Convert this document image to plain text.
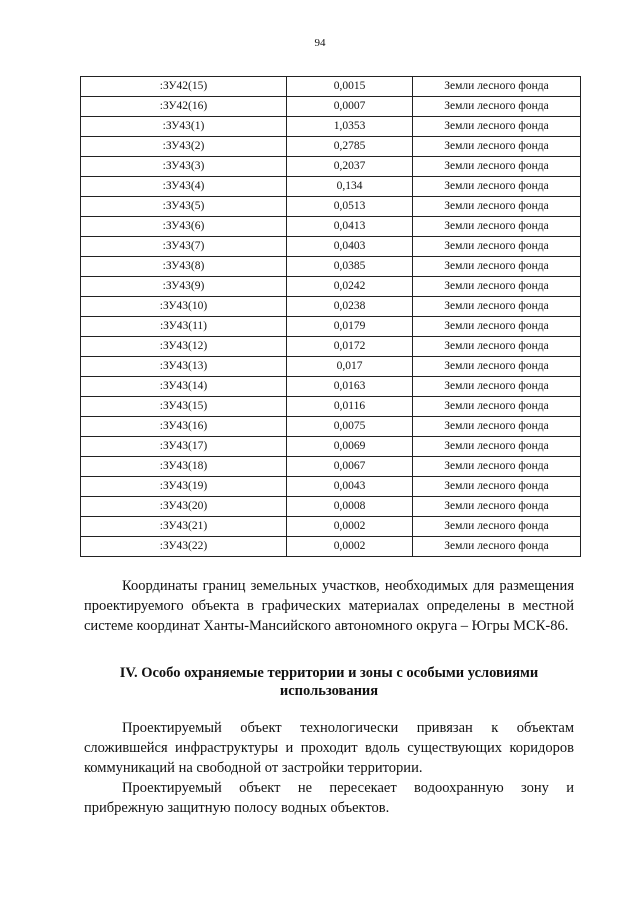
94
:ЗУ42(15)	0,0015	Земли лесного фонда
:ЗУ42(16)	0,0007	Земли лесного фонда
:ЗУ43(1)	1,0353	Земли лесного фонда
:ЗУ43(2)	0,2785	Земли лесного фонда
:ЗУ43(3)	0,2037	Земли лесного фонда
:ЗУ43(4)	0,134	Земли лесного фонда
:ЗУ43(5)	0,0513	Земли лесного фонда
:ЗУ43(6)	0,0413	Земли лесного фонда
:ЗУ43(7)	0,0403	Земли лесного фонда
:ЗУ43(8)	0,0385	Земли лесного фонда
:ЗУ43(9)	0,0242	Земли лесного фонда
:ЗУ43(10)	0,0238	Земли лесного фонда
:ЗУ43(11)	0,0179	Земли лесного фонда
:ЗУ43(12)	0,0172	Земли лесного фонда
:ЗУ43(13)	0,017	Земли лесного фонда
:ЗУ43(14)	0,0163	Земли лесного фонда
:ЗУ43(15)	0,0116	Земли лесного фонда
:ЗУ43(16)	0,0075	Земли лесного фонда
:ЗУ43(17)	0,0069	Земли лесного фонда
:ЗУ43(18)	0,0067	Земли лесного фонда
:ЗУ43(19)	0,0043	Земли лесного фонда
:ЗУ43(20)	0,0008	Земли лесного фонда
:ЗУ43(21)	0,0002	Земли лесного фонда
:ЗУ43(22)	0,0002	Земли лесного фонда

Координаты границ земельных участков, необходимых для размещения проектируемого объекта в графических материалах определены в местной системе координат Ханты-Мансийского автономного округа – Югры МСК-86.

IV. Особо охраняемые территории и зоны с особыми условиями
использования

Проектируемый объект технологически привязан к объектам сложившейся инфраструктуры и проходит вдоль существующих коридоров коммуникаций на свободной от застройки территории.

Проектируемый объект не пересекает водоохранную зону и прибрежную защитную полосу водных объектов.
